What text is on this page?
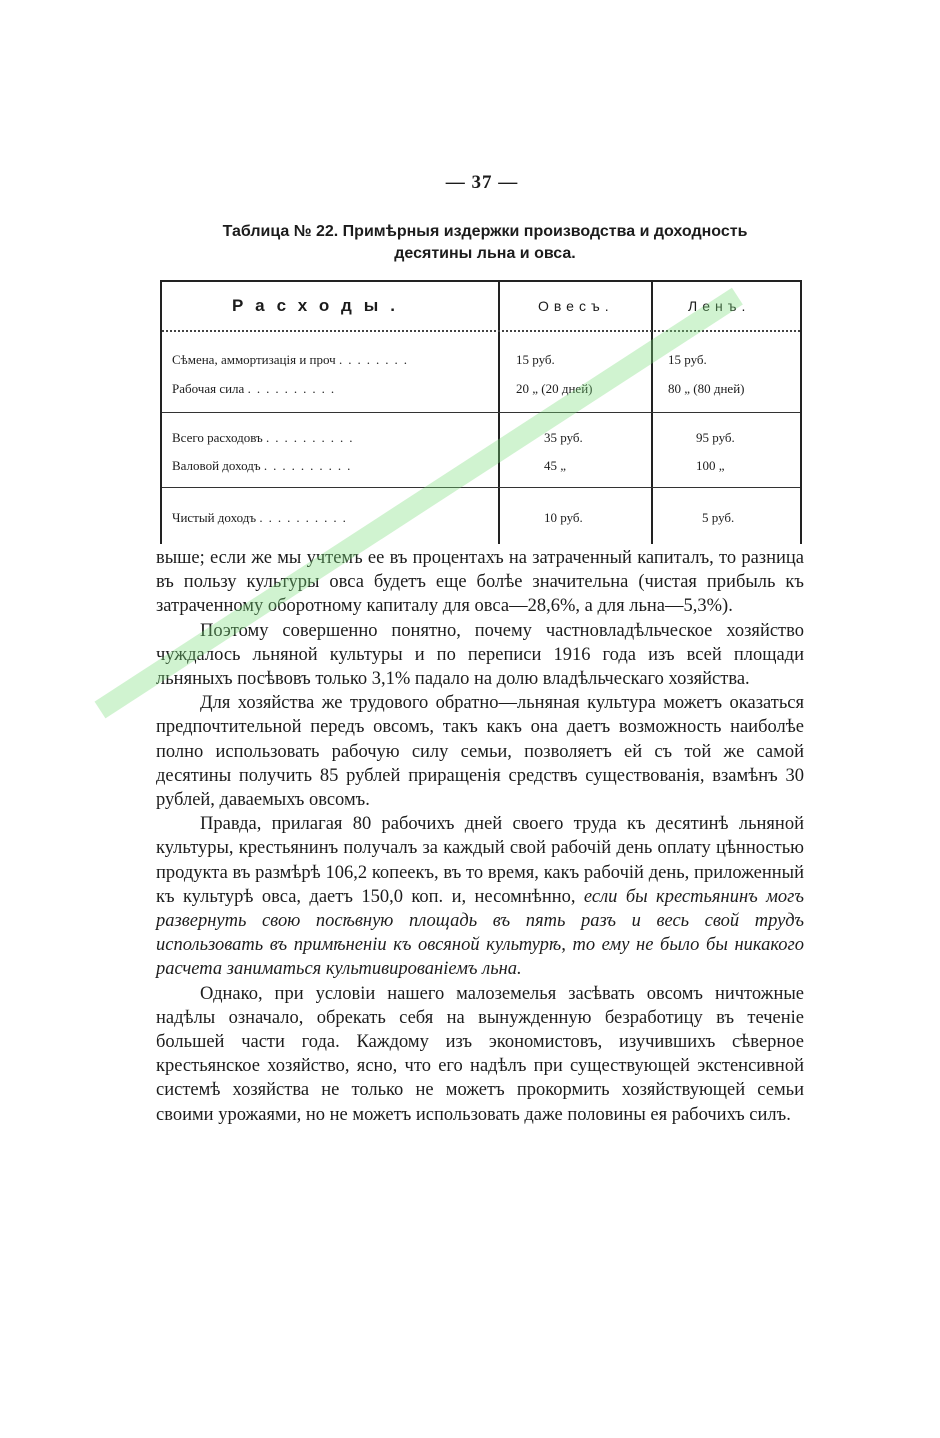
— 37 —
Таблица № 22. Примѣрныя издержки производства и доходность
десятины льна и овса.
Расходы.	Овесъ.	Ленъ.
Сѣмена, аммортизація и проч ........	15 руб.	15 руб.
Рабочая сила ..........	20 „ (20 дней)	80 „ (80 дней)
Всего расходовъ ..........	35 руб.	95 руб.
Валовой доходъ ..........	45 „	100 „
Чистый доходъ ..........	10 руб.	5 руб.

выше; если же мы учтемъ ее въ процентахъ на затраченный капиталъ, то разница въ пользу культуры овса будетъ еще болѣе значительна (чистая прибыль къ затраченному оборотному капиталу для овса—28,6%, а для льна—5,3%).

Поэтому совершенно понятно, почему частновладѣльческое хозяйство чуждалось льняной культуры и по переписи 1916 года изъ всей площади льняныхъ посѣвовъ только 3,1% падало на долю владѣльческаго хозяйства.

Для хозяйства же трудового обратно—льняная культура можетъ оказаться предпочтительной передъ овсомъ, такъ какъ она даетъ возможность наиболѣе полно использовать рабочую силу семьи, позволяетъ ей съ той же самой десятины получить 85 рублей приращенія средствъ существованія, взамѣнъ 30 рублей, даваемыхъ овсомъ.

Правда, прилагая 80 рабочихъ дней своего труда къ десятинѣ льняной культуры, крестьянинъ получалъ за каждый свой рабочій день оплату цѣнностью продукта въ размѣрѣ 106,2 копеекъ, въ то время, какъ рабочій день, приложенный къ культурѣ овса, даетъ 150,0 коп. и, несомнѣнно, если бы крестьянинъ могъ развернуть свою посѣвную площадь въ пять разъ и весь свой трудъ использовать въ примѣненіи къ овсяной культурѣ, то ему не было бы никакого расчета заниматься культивированіемъ льна.

Однако, при условіи нашего малоземелья засѣвать овсомъ ничтожные надѣлы означало, обрекать себя на вынужденную безработицу въ теченіе большей части года. Каждому изъ экономистовъ, изучившихъ сѣверное крестьянское хозяйство, ясно, что его надѣлъ при существующей экстенсивной системѣ хозяйства не только не можетъ прокормить хозяйствующей семьи своими урожаями, но не можетъ использовать даже половины ея рабочихъ силъ.
